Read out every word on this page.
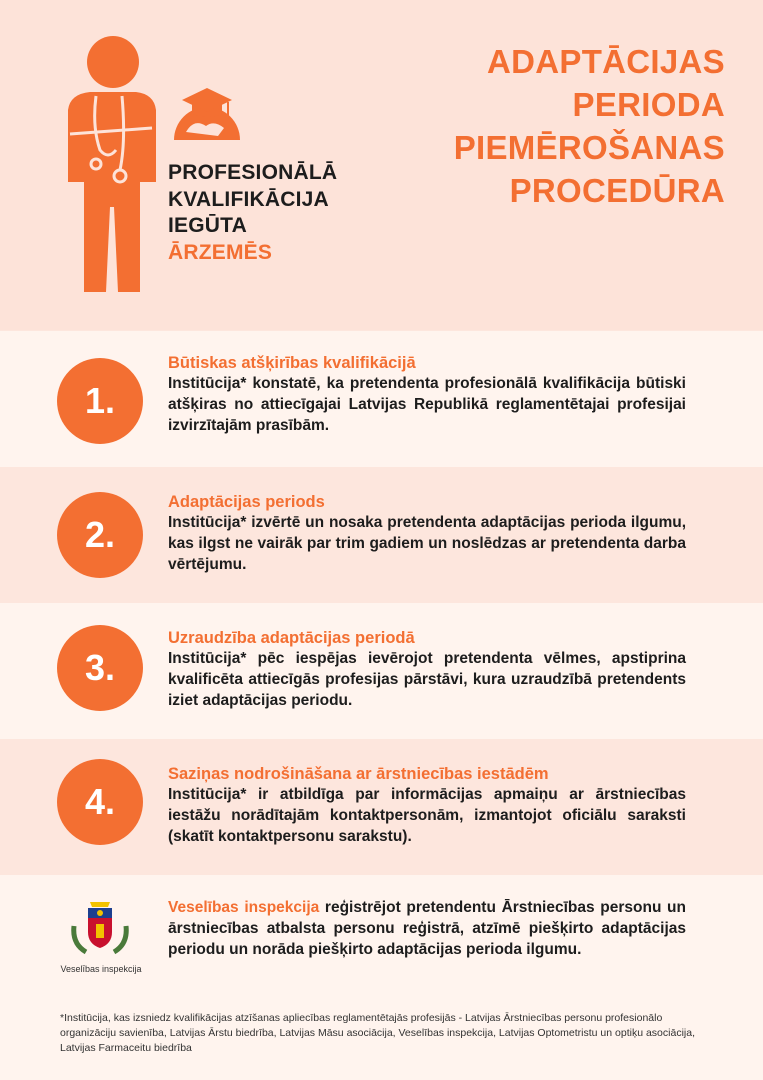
PROFESIONĀLĀ
KVALIFIKĀCIJA
IEGŪTA
ĀRZEMĒS
ADAPTĀCIJAS
PERIODA
PIEMĒROŠANAS
PROCEDŪRA
1.
Būtiskas atšķirības kvalifikācijā
Institūcija* konstatē, ka pretendenta profesionālā kvalifikācija būtiski atšķiras no attiecīgajai Latvijas Republikā reglamentētajai profesijai izvirzītajām prasībām.
2.
Adaptācijas periods
Institūcija* izvērtē un nosaka pretendenta adaptācijas perioda ilgumu, kas ilgst ne vairāk par trim gadiem un noslēdzas ar pretendenta darba vērtējumu.
3.
Uzraudzība adaptācijas periodā
Institūcija* pēc iespējas ievērojot pretendenta vēlmes, apstiprina kvalificēta attiecīgās profesijas pārstāvi, kura uzraudzībā pretendents iziet adaptācijas periodu.
4.
Saziņas nodrošināšana ar ārstniecības iestādēm
Institūcija* ir atbildīga par informācijas apmaiņu ar ārstniecības iestāžu norādītajām kontaktpersonām, izmantojot oficiālu saraksti (skatīt kontaktpersonu sarakstu).
Veselības inspekcija
Veselības inspekcija reģistrējot pretendentu Ārstniecības personu un ārstniecības atbalsta personu reģistrā, atzīmē piešķirto adaptācijas periodu un norāda piešķirto adaptācijas perioda ilgumu.
*Institūcija, kas izsniedz kvalifikācijas atzīšanas apliecības reglamentētajās profesijās - Latvijas Ārstniecības personu profesionālo organizāciju savienība, Latvijas Ārstu biedrība, Latvijas Māsu asociācija, Veselības inspekcija, Latvijas Optometristu un optiķu asociācija, Latvijas Farmaceitu biedrība
